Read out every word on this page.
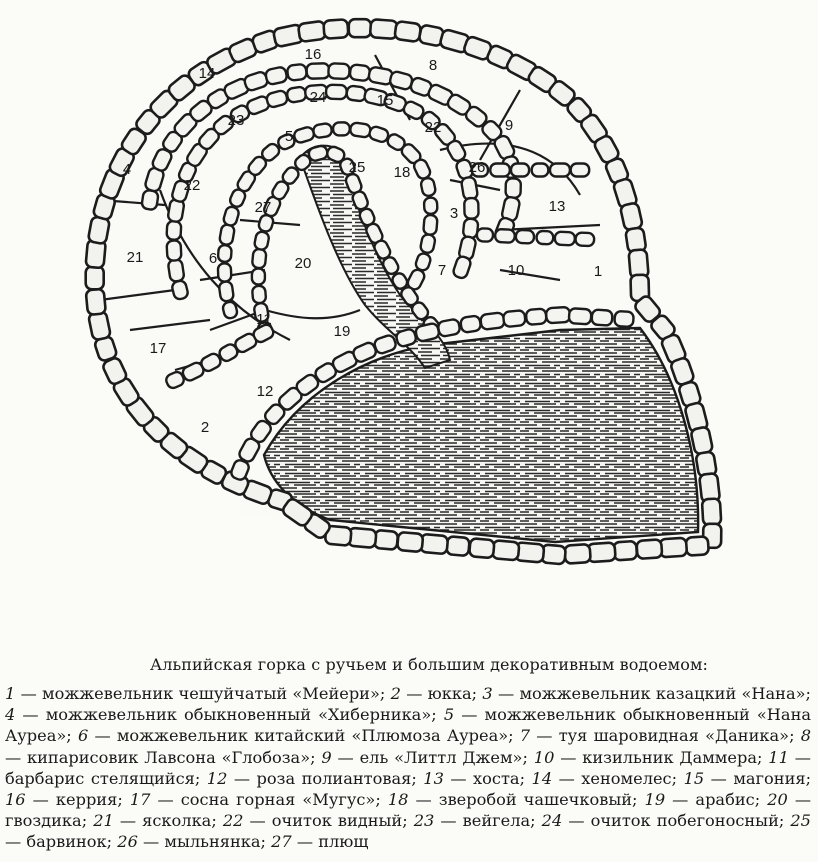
1
2
3
4
5
6
7
8
9
10
11
12
13
14
15
16
17
18
19
20
21
22
22
23
24
25	26
27
Альпийская горка с ручьем и большим декоративным водоемом:
1 — можжевельник чешуйчатый «Мейери»; 2 — юкка; 3 — можжевельник казацкий «Нана»; 4 — можжевельник обыкновенный «Хиберника»; 5 — можжевельник обыкновенный «Нана Ауреа»; 6 — можжевельник китайский «Плюмоза Ауреа»; 7 — туя шаровидная «Даника»; 8 — кипарисовик Лавсона «Глобоза»; 9 — ель «Литтл Джем»; 10 — кизильник Даммера; 11 — барбарис стелящийся; 12 — роза полиантовая; 13 — хоста; 14 — хеномелес; 15 — магония; 16 — керрия; 17 — сосна горная «Мугус»; 18 — зверобой чашечковый; 19 — арабис; 20 — гвоздика; 21 — ясколка; 22 — очиток видный; 23 — вейгела; 24 — очиток побегоносный; 25 — барвинок; 26 — мыльнянка; 27 — плющ
